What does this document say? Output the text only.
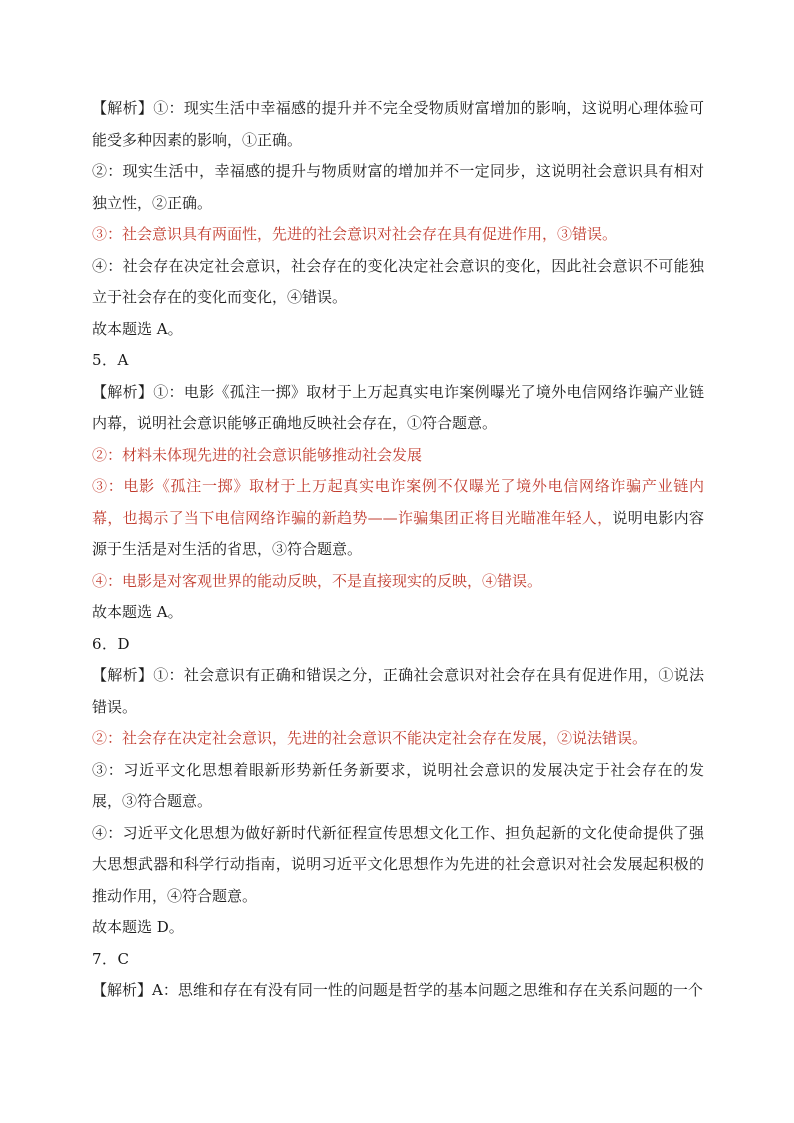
【解析】①：现实生活中幸福感的提升并不完全受物质财富增加的影响，这说明心理体验可能受多种因素的影响，①正确。

②：现实生活中，幸福感的提升与物质财富的增加并不一定同步，这说明社会意识具有相对独立性，②正确。

③：社会意识具有两面性，先进的社会意识对社会存在具有促进作用，③错误。

④：社会存在决定社会意识，社会存在的变化决定社会意识的变化，因此社会意识不可能独立于社会存在的变化而变化，④错误。

故本题选 A。

5．A

【解析】①：电影《孤注一掷》取材于上万起真实电诈案例曝光了境外电信网络诈骗产业链内幕，说明社会意识能够正确地反映社会存在，①符合题意。

②：材料未体现先进的社会意识能够推动社会发展

③：电影《孤注一掷》取材于上万起真实电诈案例不仅曝光了境外电信网络诈骗产业链内幕，也揭示了当下电信网络诈骗的新趋势——诈骗集团正将目光瞄准年轻人，说明电影内容源于生活是对生活的省思，③符合题意。

④：电影是对客观世界的能动反映，不是直接现实的反映，④错误。

故本题选 A。

6．D

【解析】①：社会意识有正确和错误之分，正确社会意识对社会存在具有促进作用，①说法错误。

②：社会存在决定社会意识，先进的社会意识不能决定社会存在发展，②说法错误。

③：习近平文化思想着眼新形势新任务新要求，说明社会意识的发展决定于社会存在的发展，③符合题意。

④：习近平文化思想为做好新时代新征程宣传思想文化工作、担负起新的文化使命提供了强大思想武器和科学行动指南，说明习近平文化思想作为先进的社会意识对社会发展起积极的推动作用，④符合题意。

故本题选 D。

7．C

【解析】A：思维和存在有没有同一性的问题是哲学的基本问题之思维和存在关系问题的一个
